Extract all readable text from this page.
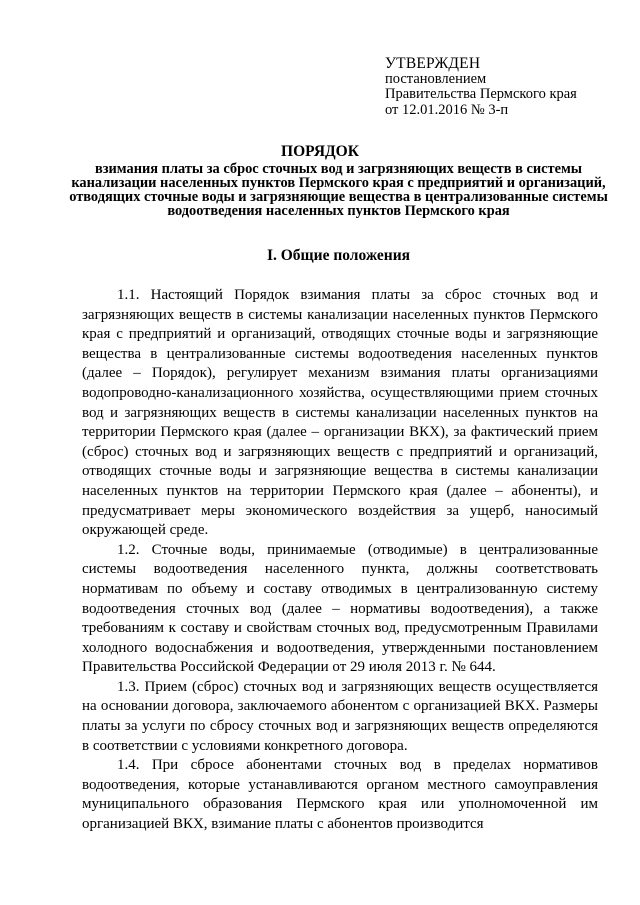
УТВЕРЖДЕН
постановлением
Правительства Пермского края
от 12.01.2016 № 3-п
ПОРЯДОК
взимания платы за сброс сточных вод и загрязняющих веществ в системы канализации населенных пунктов Пермского края с предприятий и организаций, отводящих сточные воды и загрязняющие вещества в централизованные системы водоотведения населенных пунктов Пермского края
I. Общие положения

1.1. Настоящий Порядок взимания платы за сброс сточных вод и загрязняющих веществ в системы канализации населенных пунктов Пермского края с предприятий и организаций, отводящих сточные воды и загрязняющие вещества в централизованные системы водоотведения населенных пунктов (далее – Порядок), регулирует механизм взимания платы организациями водопроводно-канализационного хозяйства, осуществляющими прием сточных вод и загрязняющих веществ в системы канализации населенных пунктов на территории Пермского края (далее – организации ВКХ), за фактический прием (сброс) сточных вод и загрязняющих веществ с предприятий и организаций, отводящих сточные воды и загрязняющие вещества в системы канализации населенных пунктов на территории Пермского края (далее – абоненты), и предусматривает меры экономического воздействия за ущерб, наносимый окружающей среде.

1.2. Сточные воды, принимаемые (отводимые) в централизованные системы водоотведения населенного пункта, должны соответствовать нормативам по объему и составу отводимых в централизованную систему водоотведения сточных вод (далее – нормативы водоотведения), а также требованиям к составу и свойствам сточных вод, предусмотренным Правилами холодного водоснабжения и водоотведения, утвержденными постановлением Правительства Российской Федерации от 29 июля 2013 г. № 644.

1.3. Прием (сброс) сточных вод и загрязняющих веществ осуществляется на основании договора, заключаемого абонентом с организацией ВКХ. Размеры платы за услуги по сбросу сточных вод и загрязняющих веществ определяются в соответствии с условиями конкретного договора.

1.4. При сбросе абонентами сточных вод в пределах нормативов водоотведения, которые устанавливаются органом местного самоуправления муниципального образования Пермского края или уполномоченной им организацией ВКХ, взимание платы с абонентов производится
